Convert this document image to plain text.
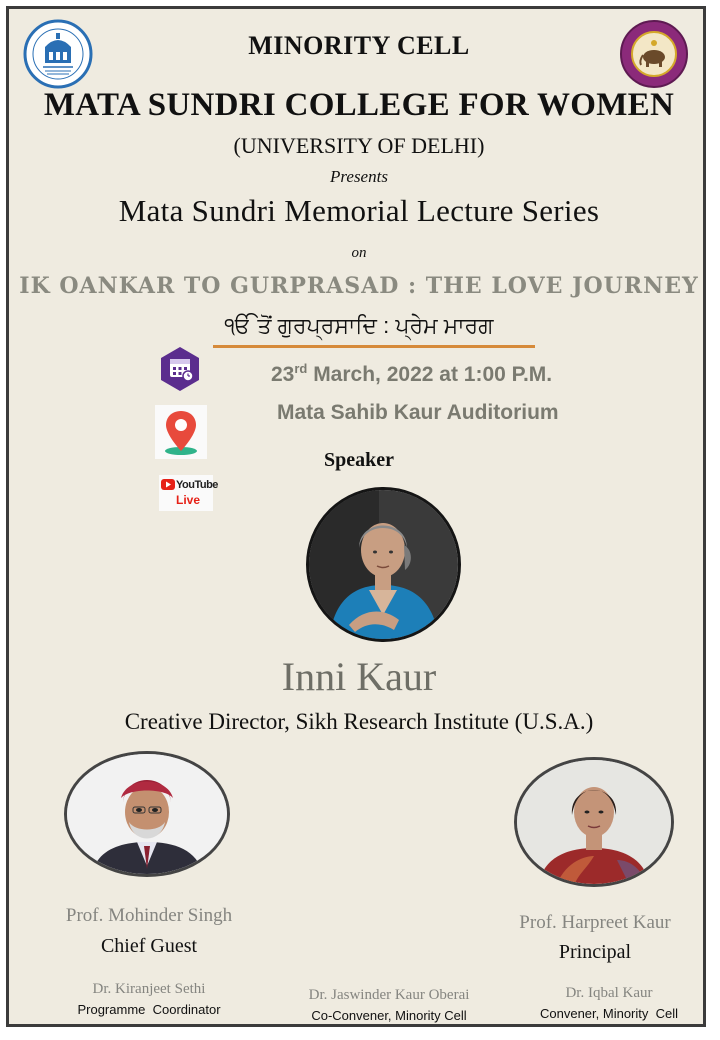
MINORITY CELL
MATA SUNDRI COLLEGE FOR WOMEN
(UNIVERSITY OF DELHI)
Presents
Mata Sundri Memorial Lecture Series
on
IK OANKAR TO GURPRASAD : THE LOVE JOURNEY
ੴ ਤੋਂ ਗੁਰਪ੍ਰਸਾਦਿ : ਪ੍ਰੇਮ ਮਾਰਗ
23rd March, 2022 at 1:00 P.M.
Mata Sahib Kaur Auditorium
YouTube
Live
Speaker
Inni Kaur
Creative Director, Sikh Research Institute (U.S.A.)
Prof. Mohinder Singh
Chief Guest
Prof. Harpreet Kaur
Principal
Dr. Kiranjeet Sethi
Programme  Coordinator
Dr. Jaswinder Kaur Oberai
Co-Convener, Minority Cell
Dr. Iqbal Kaur
Convener, Minority  Cell
